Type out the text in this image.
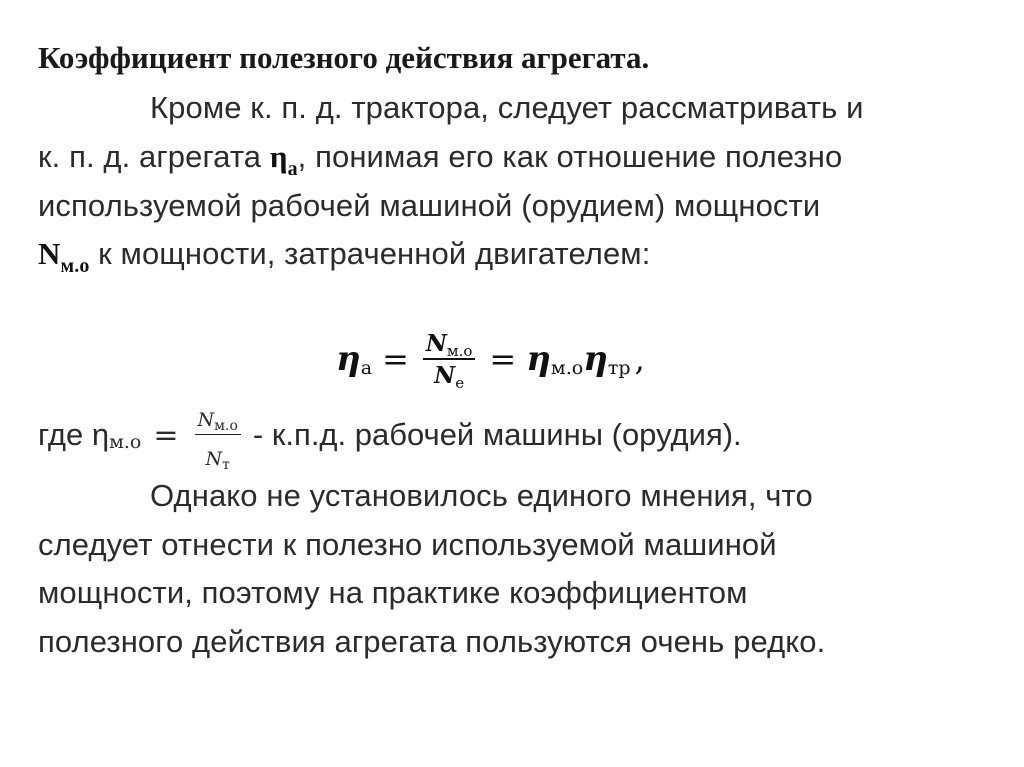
Коэффициент полезного действия агрегата.
Кроме к. п. д. трактора, следует рассматривать и
к. п. д. агрегата $\eta_a$, понимая его как отношение полезно
используемой рабочей машиной (орудием) мощности
$N_{м.о}$ к мощности, затраченной двигателем:
η $a = \frac{Nм.о}{Ne} = \eta$ м.о η тр ,
где η $м.о = \frac{Nм.о}{Nт} - к.п.д$. рабочей машины (орудия).
Однако не установилось единого мнения, что
следует отнести к полезно используемой машиной
мощности, поэтому на практике коэффициентом
полезного действия агрегата пользуются очень редко.
